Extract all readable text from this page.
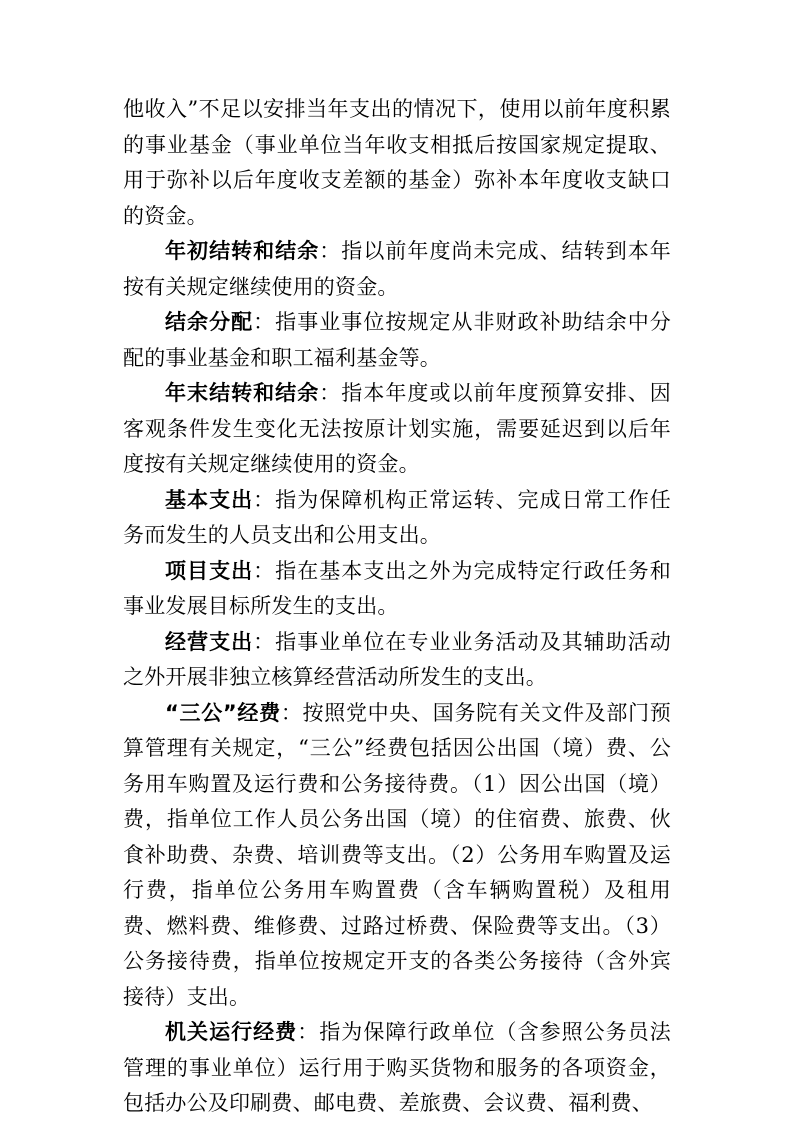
他收入”不足以安排当年支出的情况下，使用以前年度积累的事业基金（事业单位当年收支相抵后按国家规定提取、用于弥补以后年度收支差额的基金）弥补本年度收支缺口的资金。

年初结转和结余：指以前年度尚未完成、结转到本年按有关规定继续使用的资金。

结余分配：指事业事位按规定从非财政补助结余中分配的事业基金和职工福利基金等。

年末结转和结余：指本年度或以前年度预算安排、因客观条件发生变化无法按原计划实施，需要延迟到以后年度按有关规定继续使用的资金。

基本支出：指为保障机构正常运转、完成日常工作任务而发生的人员支出和公用支出。

项目支出：指在基本支出之外为完成特定行政任务和事业发展目标所发生的支出。

经营支出：指事业单位在专业业务活动及其辅助活动之外开展非独立核算经营活动所发生的支出。

“三公”经费：按照党中央、国务院有关文件及部门预算管理有关规定，“三公”经费包括因公出国（境）费、公务用车购置及运行费和公务接待费。（1）因公出国（境）费，指单位工作人员公务出国（境）的住宿费、旅费、伙食补助费、杂费、培训费等支出。（2）公务用车购置及运行费，指单位公务用车购置费（含车辆购置税）及租用费、燃料费、维修费、过路过桥费、保险费等支出。（3）公务接待费，指单位按规定开支的各类公务接待（含外宾接待）支出。

机关运行经费：指为保障行政单位（含参照公务员法管理的事业单位）运行用于购买货物和服务的各项资金，包括办公及印刷费、邮电费、差旅费、会议费、福利费、
